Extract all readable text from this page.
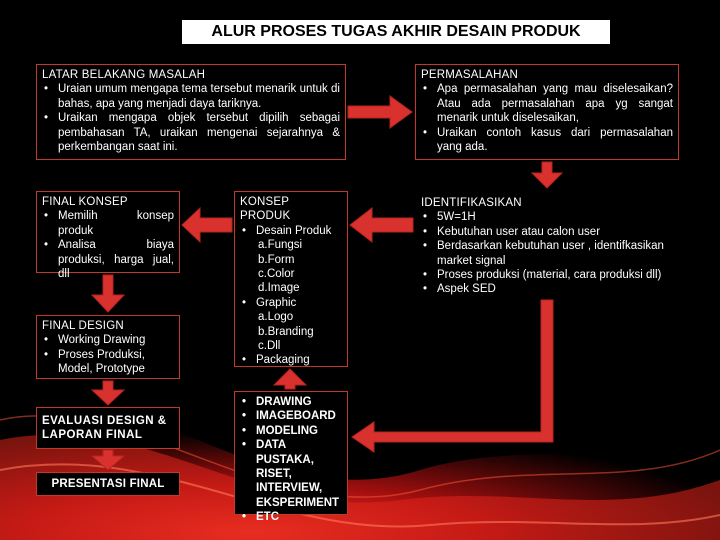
ALUR PROSES TUGAS AKHIR DESAIN PRODUK
LATAR BELAKANG MASALAH
• Uraian umum mengapa tema tersebut menarik untuk di bahas, apa yang menjadi daya tariknya.
• Uraikan mengapa objek tersebut dipilih sebagai pembahasan TA, uraikan mengenai sejarahnya & perkembangan saat ini.
PERMASALAHAN
• Apa permasalahan yang mau diselesaikan? Atau ada permasalahan apa yg sangat menarik untuk diselesaikan,
• Uraikan contoh kasus dari permasalahan yang ada.
IDENTIFIKASIKAN
• 5W=1H
• Kebutuhan user atau calon user
• Berdasarkan kebutuhan user , identifkasikan market signal
• Proses produksi (material, cara produksi dll)
• Aspek SED
KONSEP PRODUK
• Desain Produk
a.Fungsi
b.Form
c.Color
d.Image
• Graphic
a.Logo
b.Branding
c.Dll
• Packaging
FINAL KONSEP
• Memilih konsep produk
• Analisa biaya produksi, harga jual, dll
FINAL DESIGN
• Working Drawing
• Proses Produksi, Model, Prototype
EVALUASI DESIGN & LAPORAN FINAL
PRESENTASI FINAL
• DRAWING
• IMAGEBOARD
• MODELING
• DATA PUSTAKA, RISET, INTERVIEW, EKSPERIMENT
• ETC
